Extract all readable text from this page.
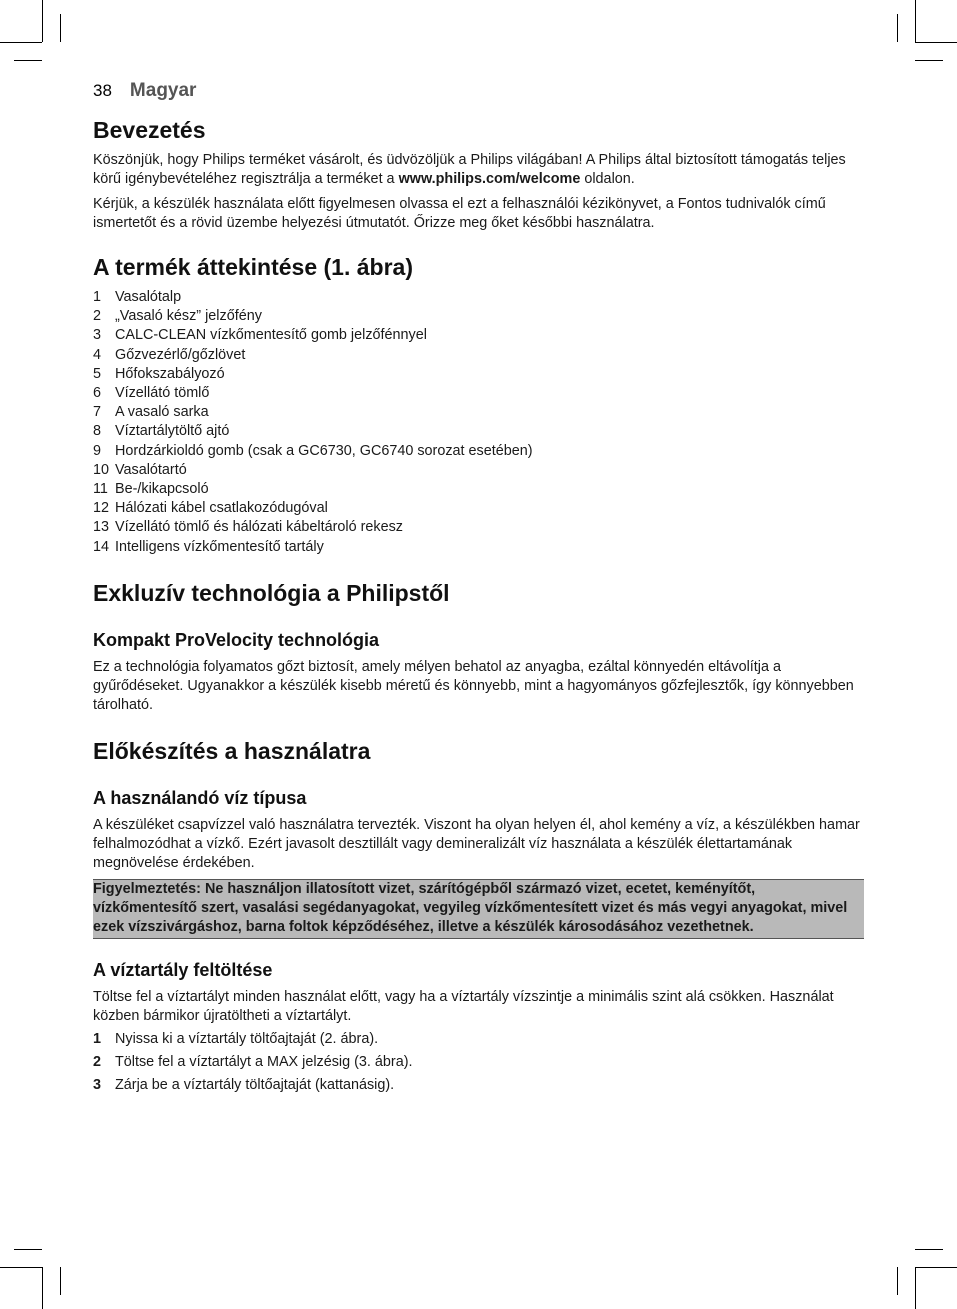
38 Magyar
Bevezetés

Köszönjük, hogy Philips terméket vásárolt, és üdvözöljük a Philips világában! A Philips által biztosított támogatás teljes körű igénybevételéhez regisztrálja a terméket a www.philips.com/welcome oldalon.

Kérjük, a készülék használata előtt figyelmesen olvassa el ezt a felhasználói kézikönyvet, a Fontos tudnivalók című ismertetőt és a rövid üzembe helyezési útmutatót. Őrizze meg őket későbbi használatra.

A termék áttekintése (1. ábra)
1 Vasalótalp
2 „Vasaló kész” jelzőfény
3 CALC-CLEAN vízkőmentesítő gomb jelzőfénnyel
4 Gőzvezérlő/gőzlövet
5 Hőfokszabályozó
6 Vízellátó tömlő
7 A vasaló sarka
8 Víztartálytöltő ajtó
9 Hordzárkioldó gomb (csak a GC6730, GC6740 sorozat esetében)
10 Vasalótartó
11 Be-/kikapcsoló
12 Hálózati kábel csatlakozódugóval
13 Vízellátó tömlő és hálózati kábeltároló rekesz
14 Intelligens vízkőmentesítő tartály
Exkluzív technológia a Philipstől
Kompakt ProVelocity technológia

Ez a technológia folyamatos gőzt biztosít, amely mélyen behatol az anyagba, ezáltal könnyedén eltávolítja a gyűrődéseket. Ugyanakkor a készülék kisebb méretű és könnyebb, mint a hagyományos gőzfejlesztők, így könnyebben tárolható.

Előkészítés a használatra
A használandó víz típusa

A készüléket csapvízzel való használatra tervezték. Viszont ha olyan helyen él, ahol kemény a víz, a készülékben hamar felhalmozódhat a vízkő. Ezért javasolt desztillált vagy demineralizált víz használata a készülék élettartamának megnövelése érdekében.

Figyelmeztetés: Ne használjon illatosított vizet, szárítógépből származó vizet, ecetet, keményítőt, vízkőmentesítő szert, vasalási segédanyagokat, vegyileg vízkőmentesített vizet és más vegyi anyagokat, mivel ezek vízszivárgáshoz, barna foltok képződéséhez, illetve a készülék károsodásához vezethetnek.
A víztartály feltöltése

Töltse fel a víztartályt minden használat előtt, vagy ha a víztartály vízszintje a minimális szint alá csökken. Használat közben bármikor újratöltheti a víztartályt.

1 Nyissa ki a víztartály töltőajtaját (2. ábra).
2 Töltse fel a víztartályt a MAX jelzésig (3. ábra).
3 Zárja be a víztartály töltőajtaját (kattanásig).
